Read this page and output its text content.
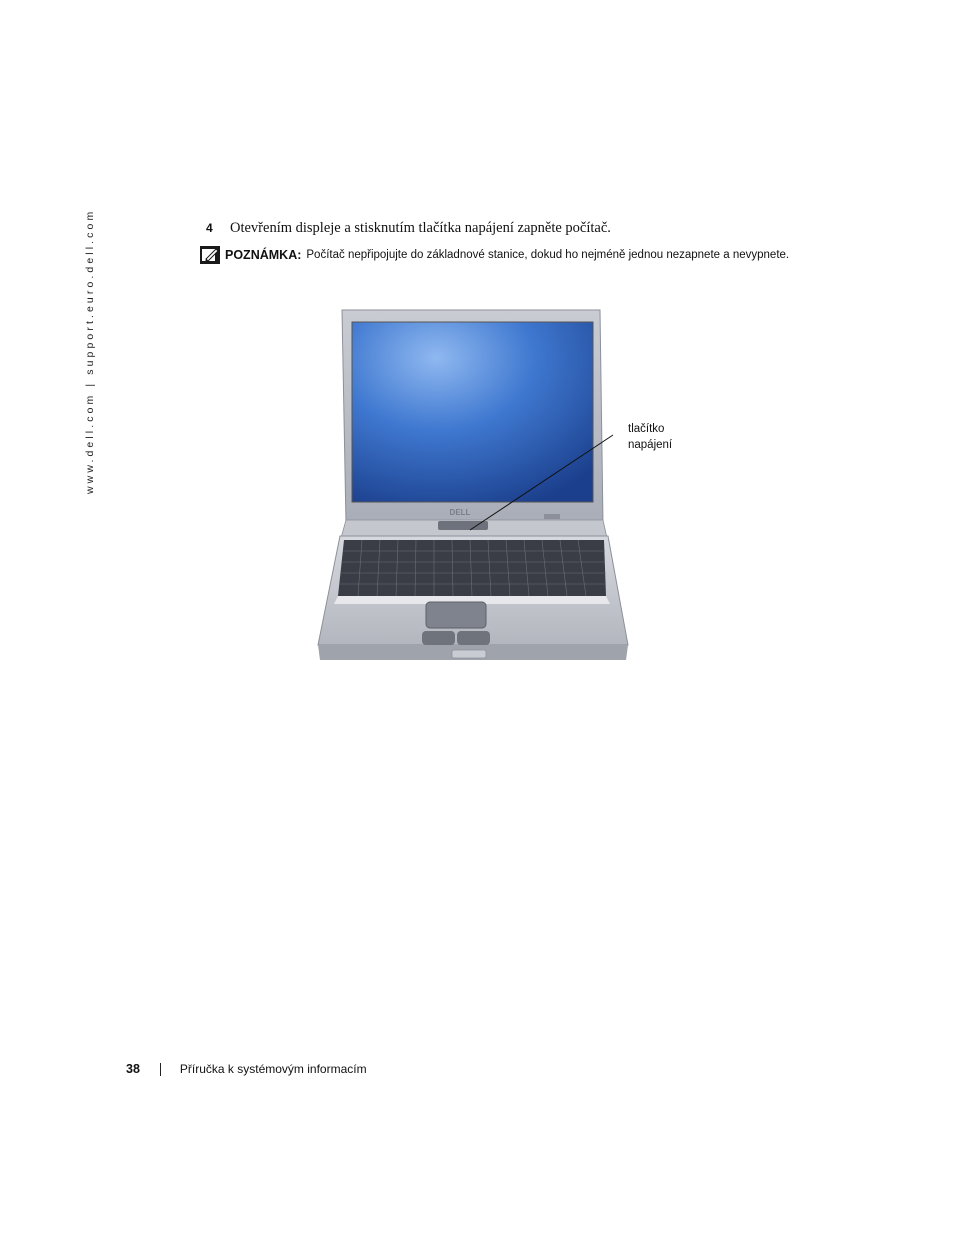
www.dell.com | support.euro.dell.com	4 Otevřením displeje a stisknutím tlačítka napájení zapněte počítač.
POZNÁMKA: Počítač nepřipojujte do základnové stanice, dokud ho nejméně jednou nezapnete a nevypnete.
DELL
tlačítko
napájení
38	Příručka k systémovým informacím
